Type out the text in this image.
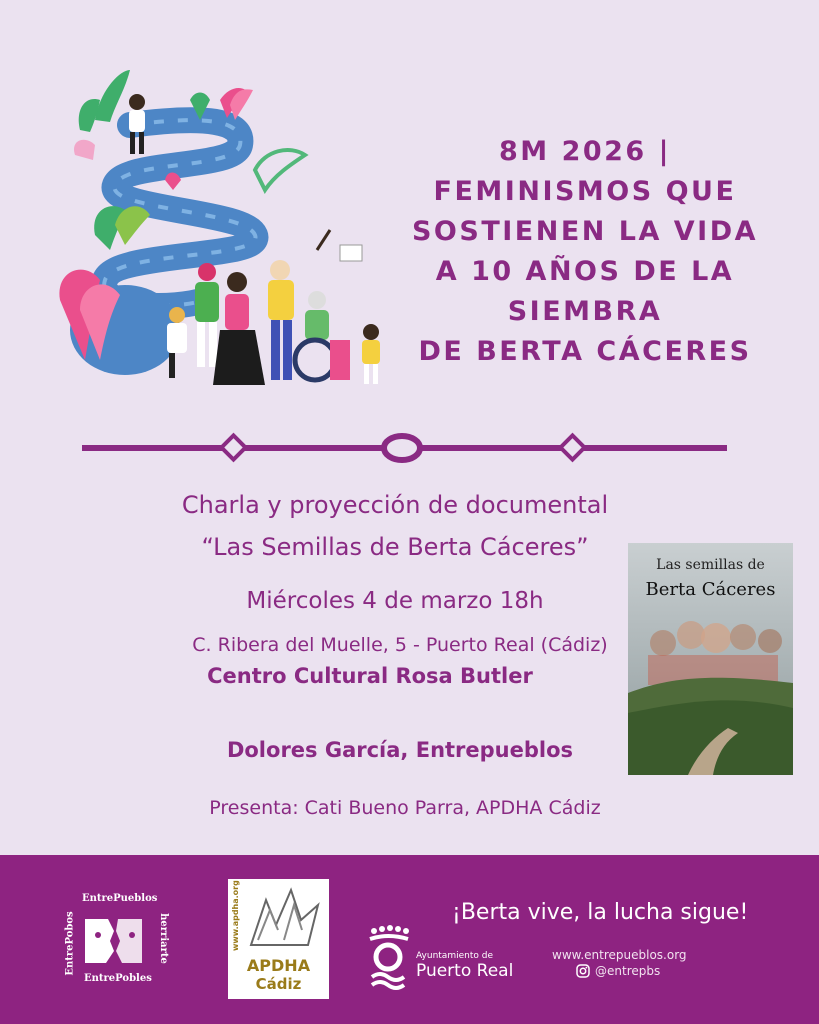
8M 2026 |
FEMINISMOS QUE
SOSTIENEN LA VIDA
A 10 AÑOS DE LA SIEMBRA
DE BERTA CÁCERES
Charla y proyección de documental
“Las Semillas de Berta Cáceres”
Miércoles 4 de marzo 18h
C. Ribera del Muelle, 5 - Puerto Real (Cádiz)
Centro Cultural Rosa Butler
Dolores García, Entrepueblos
Presenta: Cati Bueno Parra, APDHA Cádiz
Las semillas de
Berta Cáceres
EntrePueblos
EntrePobos	herriarte
EntrePobles
www.apdha.org
APDHA
Cádiz
Ayuntamiento de
Puerto Real
¡Berta vive, la lucha sigue!
www.entrepueblos.org
@entrepbs
